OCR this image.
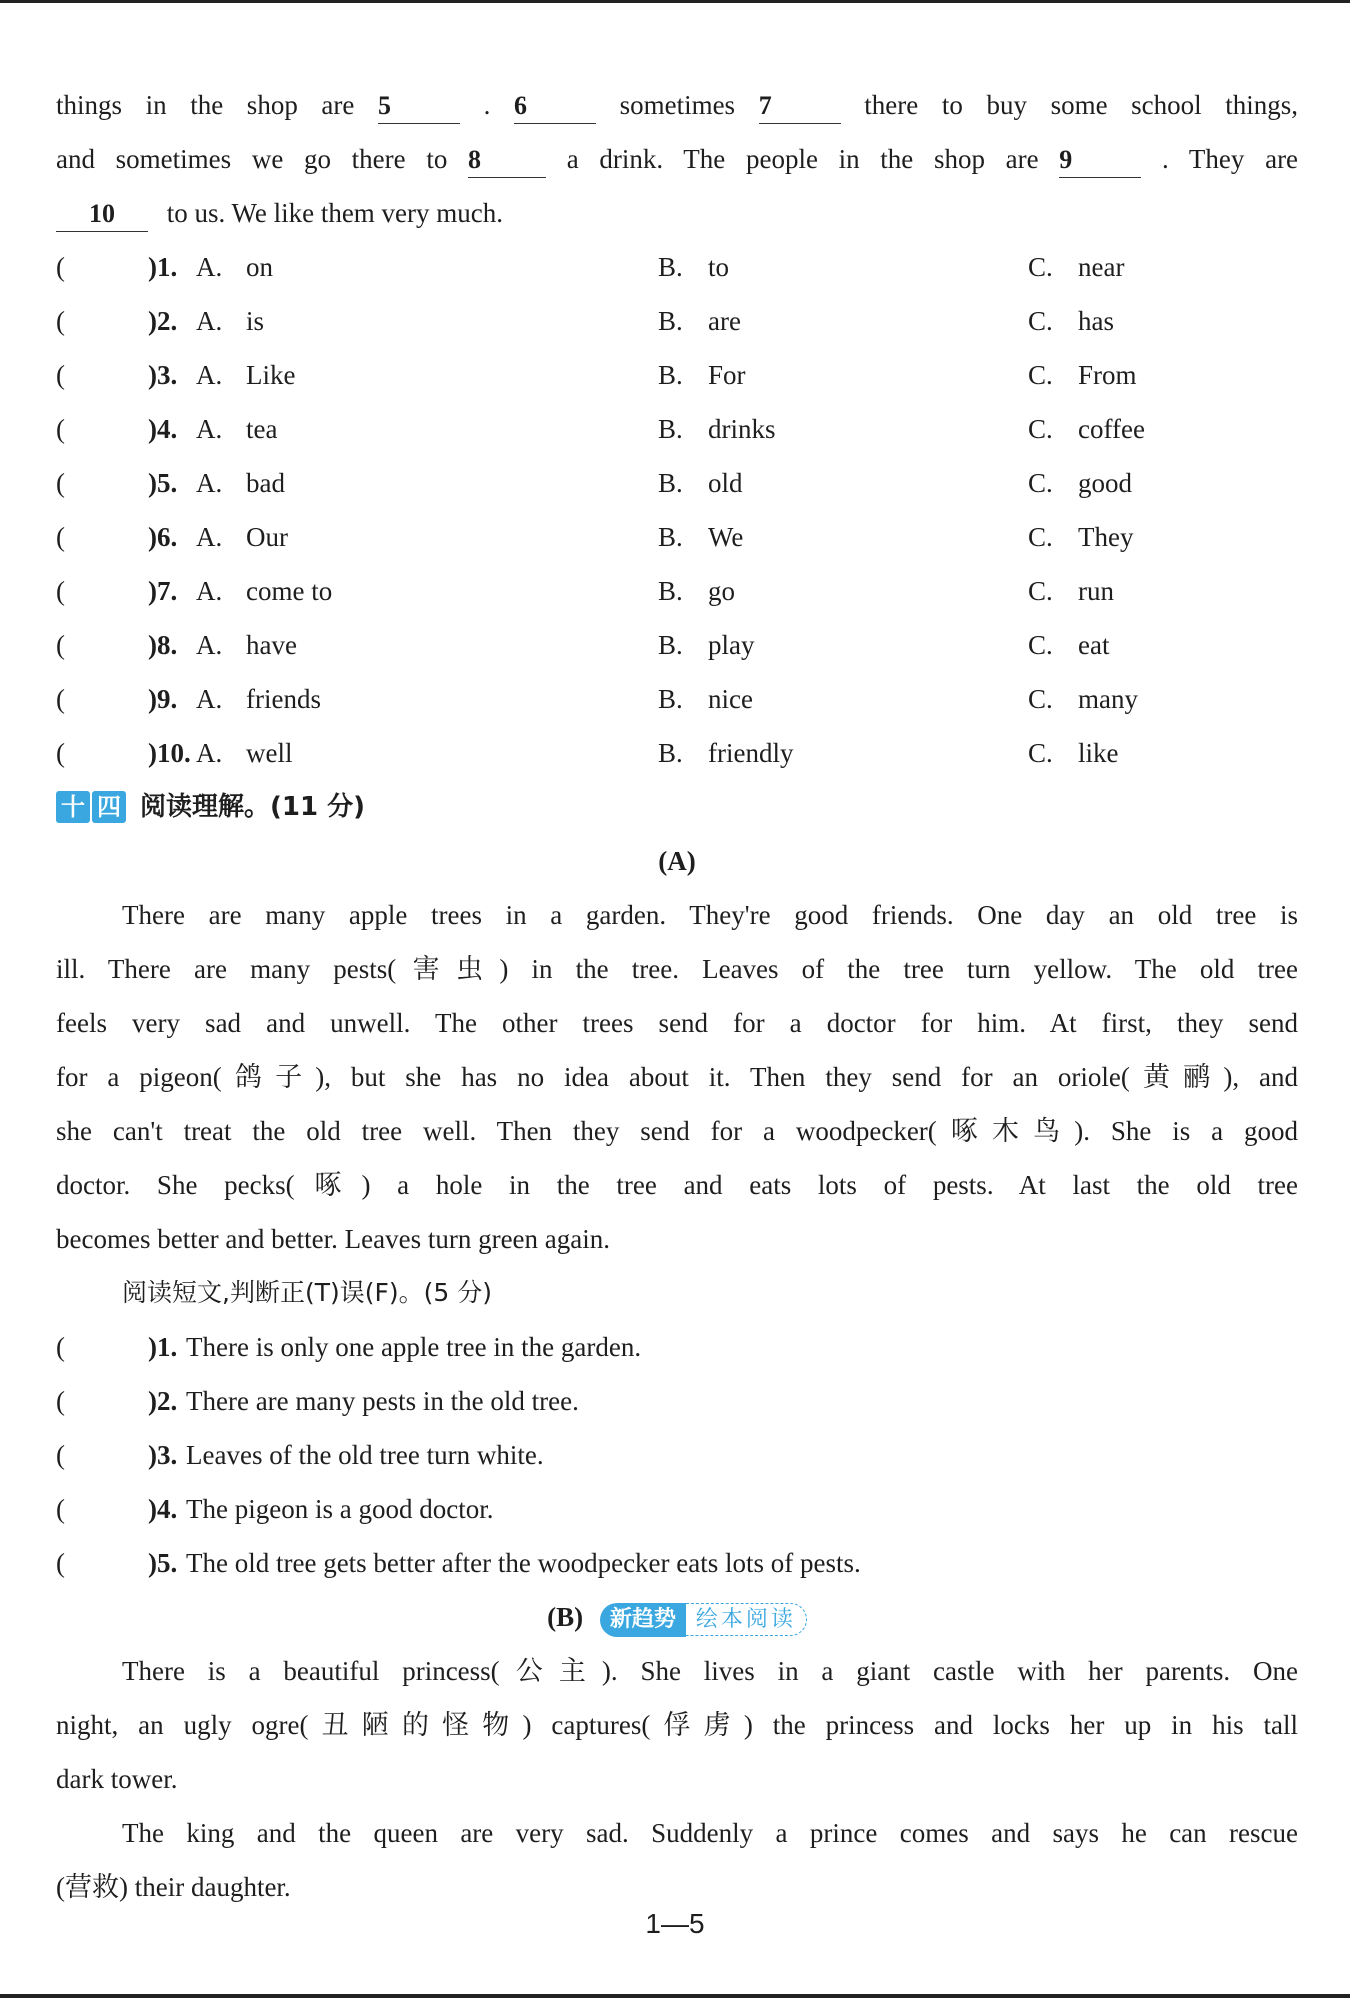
things in the shop are 5	. 6	sometimes 7	there to buy some school things,
and sometimes we go there to 8	a drink. The people in the shop are 9	. They are
10 to us. We like them very much.
(	)1. A. on	B. to	C. near
(	)2. A. is	B. are	C. has
(	)3. A. Like	B. For	C. From
(	)4. A. tea	B. drinks	C. coffee
(	)5. A. bad	B. old	C. good
(	)6. A. Our	B. We	C. They
(	)7. A. come to	B. go	C. run
(	)8. A. have	B. play	C. eat
(	)9. A. friends	B. nice	C. many
(	)10. A. well	B. friendly	C. like
十 四 阅读理解。(11 分)
(A)
There are many apple trees in a garden. They're good friends. One day an old tree is
ill. There are many pests(害虫) in the tree. Leaves of the tree turn yellow. The old tree
feels very sad and unwell. The other trees send for a doctor for him. At first, they send
for a pigeon(鸽子), but she has no idea about it. Then they send for an oriole(黄鹂), and
she can't treat the old tree well. Then they send for a woodpecker(啄木鸟). She is a good
doctor. She pecks(啄) a hole in the tree and eats lots of pests. At last the old tree
becomes better and better. Leaves turn green again.
阅读短文,判断正(T)误(F)。(5 分)
(	)1. There is only one apple tree in the garden.
(	)2. There are many pests in the old tree.
(	)3. Leaves of the old tree turn white.
(	)4. The pigeon is a good doctor.
(	)5. The old tree gets better after the woodpecker eats lots of pests.
(B)	新趋势 绘本阅读
There is a beautiful princess(公主). She lives in a giant castle with her parents. One
night, an ugly ogre(丑陋的怪物) captures(俘虏) the princess and locks her up in his tall
dark tower.
The king and the queen are very sad. Suddenly a prince comes and says he can rescue
(营救) their daughter.
1—5
